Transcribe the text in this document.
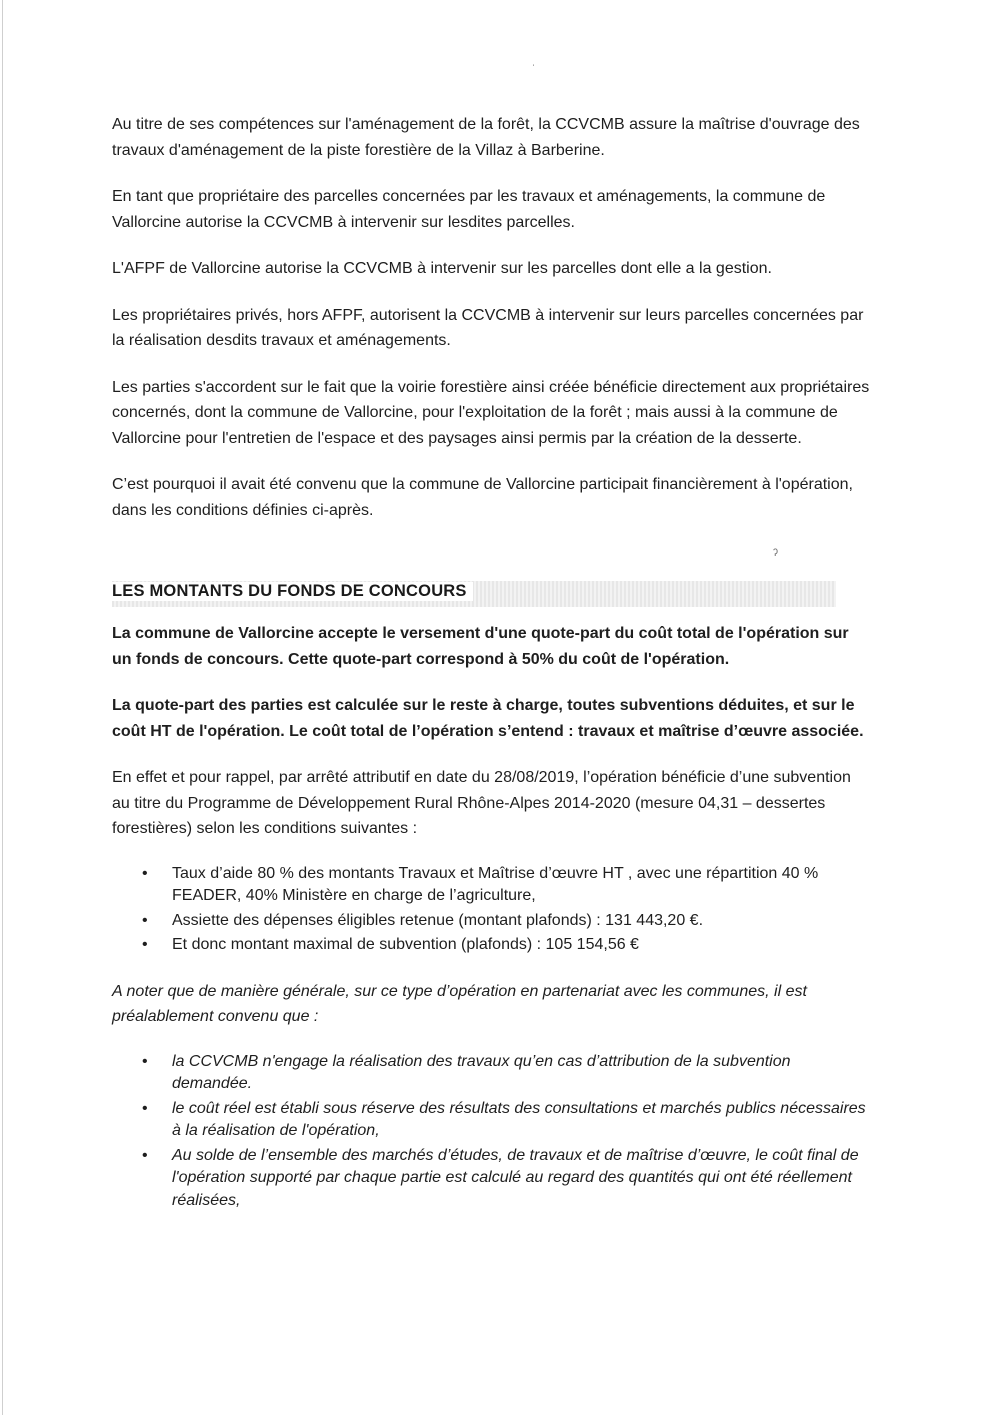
ˌ
ʔ

Au titre de ses compétences sur l'aménagement de la forêt, la CCVCMB assure la maîtrise d'ouvrage des travaux d'aménagement de la piste forestière de la Villaz à Barberine.

En tant que propriétaire des parcelles concernées par les travaux et aménagements, la commune de Vallorcine autorise la CCVCMB à intervenir sur lesdites parcelles.

L'AFPF de Vallorcine autorise la CCVCMB à intervenir sur les parcelles dont elle a la gestion.

Les propriétaires privés, hors AFPF, autorisent la CCVCMB à intervenir sur leurs parcelles concernées par la réalisation desdits travaux et aménagements.

Les parties s'accordent sur le fait que la voirie forestière ainsi créée bénéficie directement aux propriétaires concernés, dont la commune de Vallorcine, pour l'exploitation de la forêt ; mais aussi à la commune de Vallorcine pour l'entretien de l'espace et des paysages ainsi permis par la création de la desserte.

C’est pourquoi il avait été convenu que la commune de Vallorcine participait financièrement à l'opération, dans les conditions définies ci-après.

LES MONTANTS DU FONDS DE CONCOURS

La commune de Vallorcine accepte le versement d'une quote-part du coût total de l'opération sur un fonds de concours. Cette quote-part correspond à 50% du coût de l'opération.

La quote-part des parties est calculée sur le reste à charge, toutes subventions déduites, et sur le coût HT de l'opération. Le coût total de l’opération s’entend : travaux et maîtrise d’œuvre associée.

En effet et pour rappel, par arrêté attributif en date du 28/08/2019, l’opération bénéficie d’une subvention au titre du Programme de Développement Rural Rhône-Alpes 2014-2020 (mesure 04,31 – dessertes forestières) selon les conditions suivantes :

• Taux d’aide 80 % des montants Travaux et Maîtrise d’œuvre HT , avec une répartition 40 % FEADER, 40% Ministère en charge de l’agriculture,
• Assiette des dépenses éligibles retenue (montant plafonds) : 131 443,20 €.
• Et donc montant maximal de subvention (plafonds) : 105 154,56 €

A noter que de manière générale, sur ce type d’opération en partenariat avec les communes, il est préalablement convenu que :

• la CCVCMB n'engage la réalisation des travaux qu’en cas d’attribution de la subvention demandée.
• le coût réel est établi sous réserve des résultats des consultations et marchés publics nécessaires à la réalisation de l'opération,
• Au solde de l’ensemble des marchés d’études, de travaux et de maîtrise d’œuvre, le coût final de l'opération supporté par chaque partie est calculé au regard des quantités qui ont été réellement réalisées,
